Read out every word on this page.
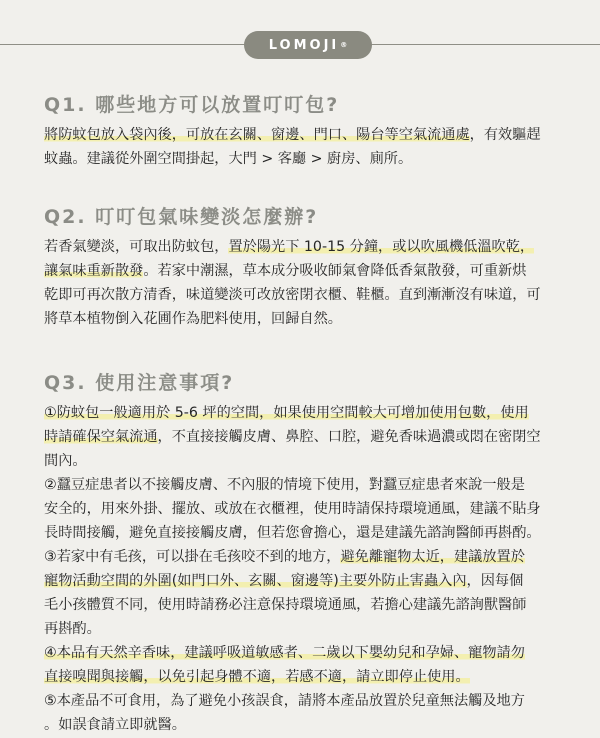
LOMOJI ®
Q1. 哪些地方可以放置叮叮包?
將防蚊包放入袋內後，可放在玄關、窗邊、門口、陽台等空氣流通處，有效驅趕
蚊蟲。建議從外圍空間掛起，大門 > 客廳 > 廚房、廁所。
Q2. 叮叮包氣味變淡怎麼辦?
若香氣變淡，可取出防蚊包，置於陽光下 10-15 分鐘，或以吹風機低溫吹乾，
讓氣味重新散發。若家中潮濕，草本成分吸收師氣會降低香氣散發，可重新烘
乾即可再次散方清香，味道變淡可改放密閉衣櫃、鞋櫃。直到漸漸沒有味道，可
將草本植物倒入花圃作為肥料使用，回歸自然。
Q3. 使用注意事項?
①防蚊包一般適用於 5-6 坪的空間，如果使用空間較大可增加使用包數，使用
時請確保空氣流通，不直接接觸皮膚、鼻腔、口腔，避免香味過濃或悶在密閉空
間內。
②蠶豆症患者以不接觸皮膚、不內服的情境下使用，對蠶豆症患者來說一般是
安全的，用來外掛、擺放、或放在衣櫃裡，使用時請保持環境通風，建議不貼身
長時間接觸，避免直接接觸皮膚，但若您會擔心，還是建議先諮詢醫師再斟酌。
③若家中有毛孩，可以掛在毛孩咬不到的地方，避免離寵物太近，建議放置於
寵物活動空間的外圍(如門口外、玄關、窗邊等)主要外防止害蟲入內，因每個
毛小孩體質不同，使用時請務必注意保持環境通風，若擔心建議先諮詢獸醫師
再斟酌。
④本品有天然辛香味，建議呼吸道敏感者、二歲以下嬰幼兒和孕婦、寵物請勿
直接嗅聞與接觸，以免引起身體不適，若感不適，請立即停止使用。
⑤本產品不可食用，為了避免小孩誤食，請將本產品放置於兒童無法觸及地方
。如誤食請立即就醫。
